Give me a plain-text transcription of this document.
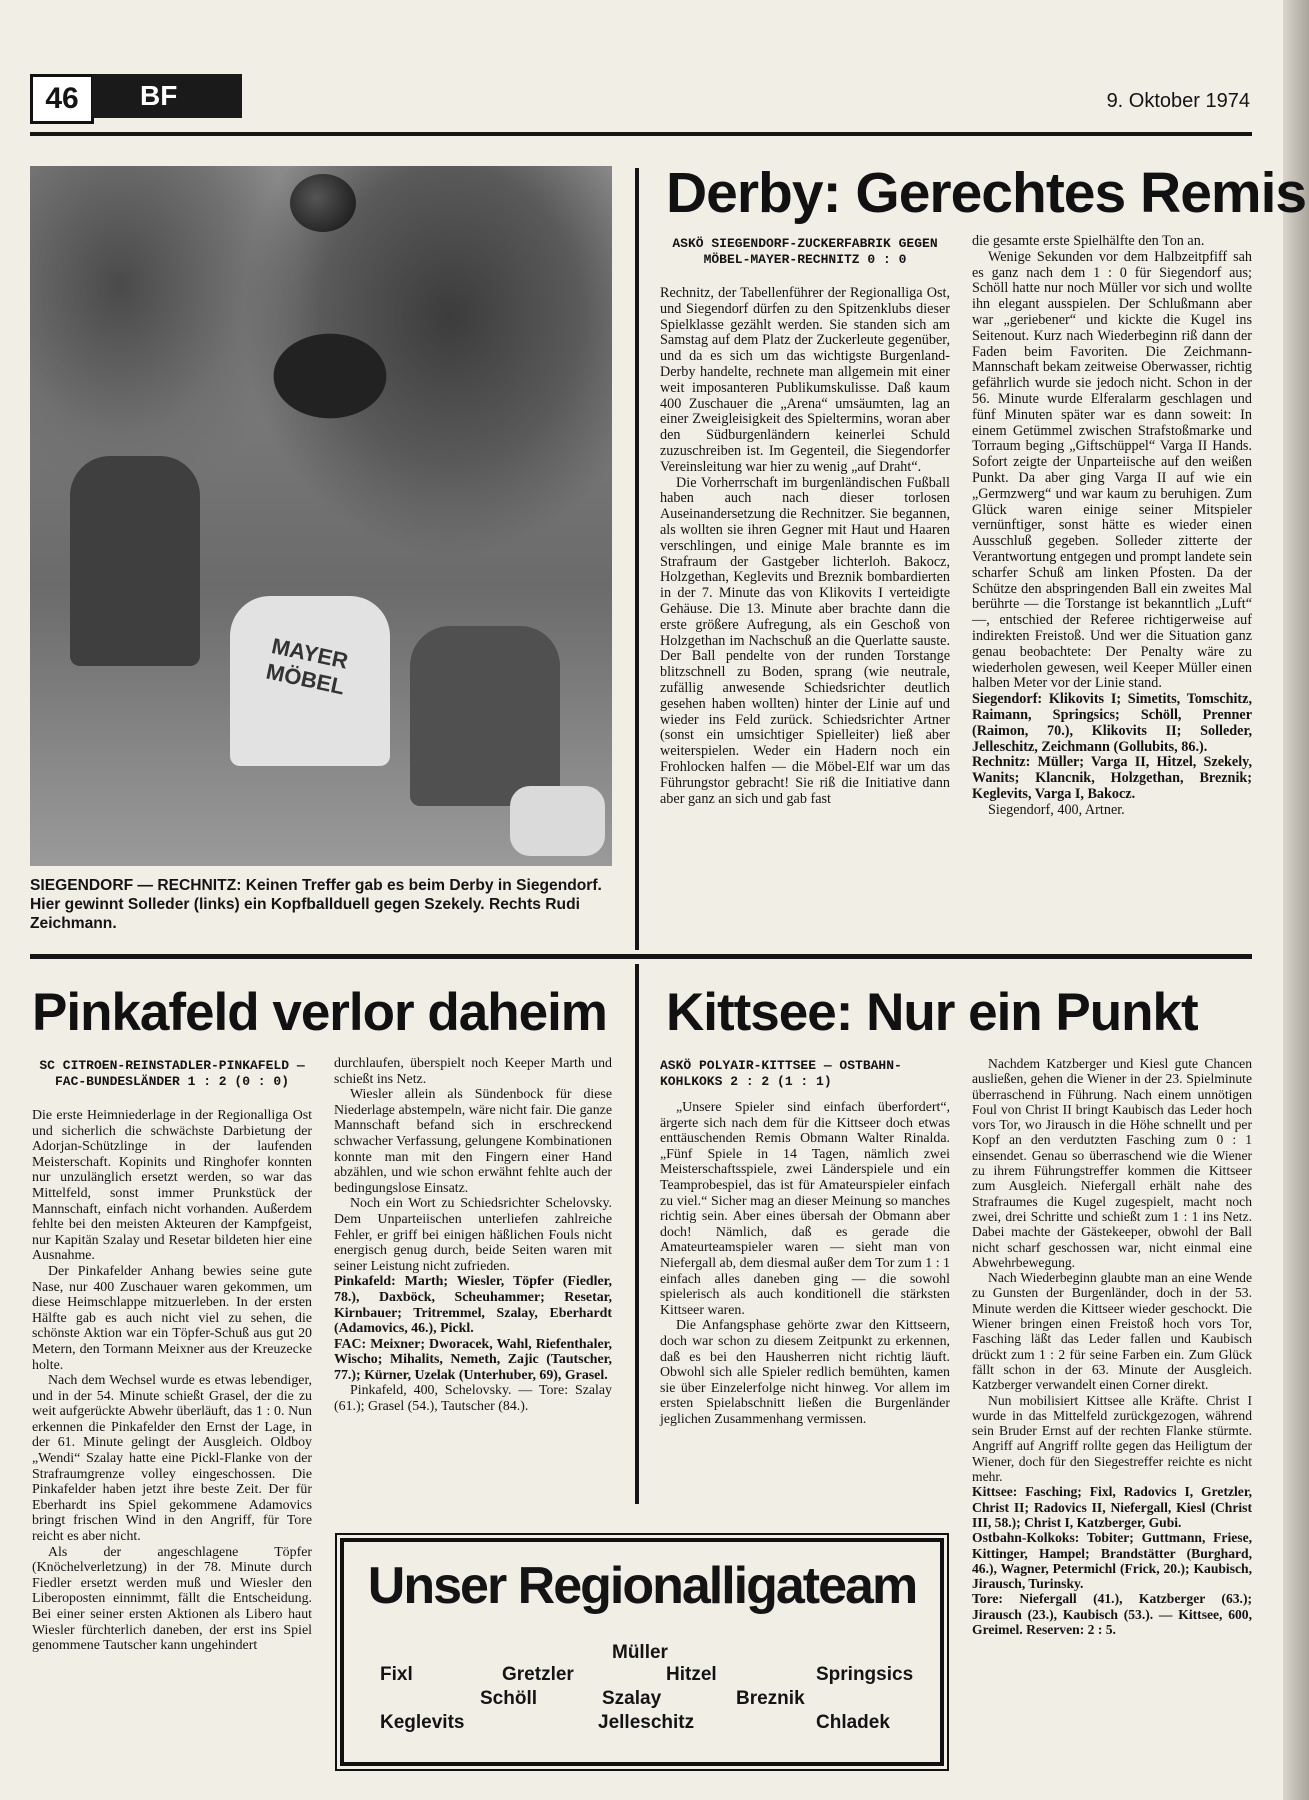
46	BF	9. Oktober 1974
MAYER MÖBEL
SIEGENDORF — RECHNITZ: Keinen Treffer gab es beim Derby in Siegendorf. Hier gewinnt Solleder (links) ein Kopfballduell gegen Szekely. Rechts Rudi Zeichmann.
Derby: Gerechtes Remis
ASKÖ SIEGENDORF-ZUCKERFABRIK GEGEN MÖBEL-MAYER-RECHNITZ 0 : 0

Rechnitz, der Tabellenführer der Regionalliga Ost, und Siegendorf dürfen zu den Spitzenklubs dieser Spielklasse gezählt werden. Sie standen sich am Samstag auf dem Platz der Zuckerleute gegenüber, und da es sich um das wichtigste Burgenland-Derby handelte, rechnete man allgemein mit einer weit imposanteren Publikumskulisse. Daß kaum 400 Zuschauer die „Arena“ umsäumten, lag an einer Zweigleisigkeit des Spieltermins, woran aber den Südburgenländern keinerlei Schuld zuzuschreiben ist. Im Gegenteil, die Siegendorfer Vereinsleitung war hier zu wenig „auf Draht“.

Die Vorherrschaft im burgenländischen Fußball haben auch nach dieser torlosen Auseinandersetzung die Rechnitzer. Sie begannen, als wollten sie ihren Gegner mit Haut und Haaren verschlingen, und einige Male brannte es im Strafraum der Gastgeber lichterloh. Bakocz, Holzgethan, Keglevits und Breznik bombardierten in der 7. Minute das von Klikovits I verteidigte Gehäuse. Die 13. Minute aber brachte dann die erste größere Aufregung, als ein Geschoß von Holzgethan im Nachschuß an die Querlatte sauste. Der Ball pendelte von der runden Torstange blitzschnell zu Boden, sprang (wie neutrale, zufällig anwesende Schiedsrichter deutlich gesehen haben wollten) hinter der Linie auf und wieder ins Feld zurück. Schiedsrichter Artner (sonst ein umsichtiger Spielleiter) ließ aber weiterspielen. Weder ein Hadern noch ein Frohlocken halfen — die Möbel-Elf war um das Führungstor gebracht! Sie riß die Initiative dann aber ganz an sich und gab fast

die gesamte erste Spielhälfte den Ton an.

Wenige Sekunden vor dem Halbzeitpfiff sah es ganz nach dem 1 : 0 für Siegendorf aus; Schöll hatte nur noch Müller vor sich und wollte ihn elegant ausspielen. Der Schlußmann aber war „geriebener“ und kickte die Kugel ins Seitenout. Kurz nach Wiederbeginn riß dann der Faden beim Favoriten. Die Zeichmann-Mannschaft bekam zeitweise Oberwasser, richtig gefährlich wurde sie jedoch nicht. Schon in der 56. Minute wurde Elferalarm geschlagen und fünf Minuten später war es dann soweit: In einem Getümmel zwischen Strafstoßmarke und Torraum beging „Giftschüppel“ Varga II Hands. Sofort zeigte der Unparteiische auf den weißen Punkt. Da aber ging Varga II auf wie ein „Germzwerg“ und war kaum zu beruhigen. Zum Glück waren einige seiner Mitspieler vernünftiger, sonst hätte es wieder einen Ausschluß gegeben. Solleder zitterte der Verantwortung entgegen und prompt landete sein scharfer Schuß am linken Pfosten. Da der Schütze den abspringenden Ball ein zweites Mal berührte — die Torstange ist bekanntlich „Luft“ —, entschied der Referee richtigerweise auf indirekten Freistoß. Und wer die Situation ganz genau beobachtete: Der Penalty wäre zu wiederholen gewesen, weil Keeper Müller einen halben Meter vor der Linie stand.

Siegendorf: Klikovits I; Simetits, Tomschitz, Raimann, Springsics; Schöll, Prenner (Raimon, 70.), Klikovits II; Solleder, Jelleschitz, Zeichmann (Gollubits, 86.).

Rechnitz: Müller; Varga II, Hitzel, Szekely, Wanits; Klancnik, Holzgethan, Breznik; Keglevits, Varga I, Bakocz.

Siegendorf, 400, Artner.

Pinkafeld verlor daheim
SC CITROEN-REINSTADLER-PINKAFELD — FAC-BUNDESLÄNDER 1 : 2 (0 : 0)

Die erste Heimniederlage in der Regionalliga Ost und sicherlich die schwächste Darbietung der Adorjan-Schützlinge in der laufenden Meisterschaft. Kopinits und Ringhofer konnten nur unzulänglich ersetzt werden, so war das Mittelfeld, sonst immer Prunkstück der Mannschaft, einfach nicht vorhanden. Außerdem fehlte bei den meisten Akteuren der Kampfgeist, nur Kapitän Szalay und Resetar bildeten hier eine Ausnahme.

Der Pinkafelder Anhang bewies seine gute Nase, nur 400 Zuschauer waren gekommen, um diese Heimschlappe mitzuerleben. In der ersten Hälfte gab es auch nicht viel zu sehen, die schönste Aktion war ein Töpfer-Schuß aus gut 20 Metern, den Tormann Meixner aus der Kreuzecke holte.

Nach dem Wechsel wurde es etwas lebendiger, und in der 54. Minute schießt Grasel, der die zu weit aufgerückte Abwehr überläuft, das 1 : 0. Nun erkennen die Pinkafelder den Ernst der Lage, in der 61. Minute gelingt der Ausgleich. Oldboy „Wendi“ Szalay hatte eine Pickl-Flanke von der Strafraumgrenze volley eingeschossen. Die Pinkafelder haben jetzt ihre beste Zeit. Der für Eberhardt ins Spiel gekommene Adamovics bringt frischen Wind in den Angriff, für Tore reicht es aber nicht.

Als der angeschlagene Töpfer (Knöchelverletzung) in der 78. Minute durch Fiedler ersetzt werden muß und Wiesler den Liberoposten einnimmt, fällt die Entscheidung. Bei einer seiner ersten Aktionen als Libero haut Wiesler fürchterlich daneben, der erst ins Spiel genommene Tautscher kann ungehindert

durchlaufen, überspielt noch Keeper Marth und schießt ins Netz.

Wiesler allein als Sündenbock für diese Niederlage abstempeln, wäre nicht fair. Die ganze Mannschaft befand sich in erschreckend schwacher Verfassung, gelungene Kombinationen konnte man mit den Fingern einer Hand abzählen, und wie schon erwähnt fehlte auch der bedingungslose Einsatz.

Noch ein Wort zu Schiedsrichter Schelovsky. Dem Unparteiischen unterliefen zahlreiche Fehler, er griff bei einigen häßlichen Fouls nicht energisch genug durch, beide Seiten waren mit seiner Leistung nicht zufrieden.

Pinkafeld: Marth; Wiesler, Töpfer (Fiedler, 78.), Daxböck, Scheuhammer; Resetar, Kirnbauer; Tritremmel, Szalay, Eberhardt (Adamovics, 46.), Pickl.

FAC: Meixner; Dworacek, Wahl, Riefenthaler, Wischo; Mihalits, Nemeth, Zajic (Tautscher, 77.); Kürner, Uzelak (Unterhuber, 69), Grasel.

Pinkafeld, 400, Schelovsky. — Tore: Szalay (61.); Grasel (54.), Tautscher (84.).

Kittsee: Nur ein Punkt
ASKÖ POLYAIR-KITTSEE — OSTBAHN-KOHLKOKS 2 : 2 (1 : 1)

„Unsere Spieler sind einfach überfordert“, ärgerte sich nach dem für die Kittseer doch etwas enttäuschenden Remis Obmann Walter Rinalda. „Fünf Spiele in 14 Tagen, nämlich zwei Meisterschaftsspiele, zwei Länderspiele und ein Teamprobespiel, das ist für Amateurspieler einfach zu viel.“ Sicher mag an dieser Meinung so manches richtig sein. Aber eines übersah der Obmann aber doch! Nämlich, daß es gerade die Amateurteamspieler waren — sieht man von Niefergall ab, dem diesmal außer dem Tor zum 1 : 1 einfach alles daneben ging — die sowohl spielerisch als auch konditionell die stärksten Kittseer waren.

Die Anfangsphase gehörte zwar den Kittseern, doch war schon zu diesem Zeitpunkt zu erkennen, daß es bei den Hausherren nicht richtig läuft. Obwohl sich alle Spieler redlich bemühten, kamen sie über Einzelerfolge nicht hinweg. Vor allem im ersten Spielabschnitt ließen die Burgenländer jeglichen Zusammenhang vermissen.

Nachdem Katzberger und Kiesl gute Chancen ausließen, gehen die Wiener in der 23. Spielminute überraschend in Führung. Nach einem unnötigen Foul von Christ II bringt Kaubisch das Leder hoch vors Tor, wo Jirausch in die Höhe schnellt und per Kopf an den verdutzten Fasching zum 0 : 1 einsendet. Genau so überraschend wie die Wiener zu ihrem Führungstreffer kommen die Kittseer zum Ausgleich. Niefergall erhält nahe des Strafraumes die Kugel zugespielt, macht noch zwei, drei Schritte und schießt zum 1 : 1 ins Netz. Dabei machte der Gästekeeper, obwohl der Ball nicht scharf geschossen war, nicht einmal eine Abwehrbewegung.

Nach Wiederbeginn glaubte man an eine Wende zu Gunsten der Burgenländer, doch in der 53. Minute werden die Kittseer wieder geschockt. Die Wiener bringen einen Freistoß hoch vors Tor, Fasching läßt das Leder fallen und Kaubisch drückt zum 1 : 2 für seine Farben ein. Zum Glück fällt schon in der 63. Minute der Ausgleich. Katzberger verwandelt einen Corner direkt.

Nun mobilisiert Kittsee alle Kräfte. Christ I wurde in das Mittelfeld zurückgezogen, während sein Bruder Ernst auf der rechten Flanke stürmte. Angriff auf Angriff rollte gegen das Heiligtum der Wiener, doch für den Siegestreffer reichte es nicht mehr.

Kittsee: Fasching; Fixl, Radovics I, Gretzler, Christ II; Radovics II, Niefergall, Kiesl (Christ III, 58.); Christ I, Katzberger, Gubi.

Ostbahn-Kolkoks: Tobiter; Guttmann, Friese, Kittinger, Hampel; Brandstätter (Burghard, 46.), Wagner, Petermichl (Frick, 20.); Kaubisch, Jirausch, Turinsky.

Tore: Niefergall (41.), Katzberger (63.); Jirausch (23.), Kaubisch (53.). — Kittsee, 600, Greimel. Reserven: 2 : 5.

Unser Regionalligateam
Müller
Fixl	Gretzler	Hitzel	Springsics
Schöll	Szalay	Breznik
Keglevits	Jelleschitz	Chladek
